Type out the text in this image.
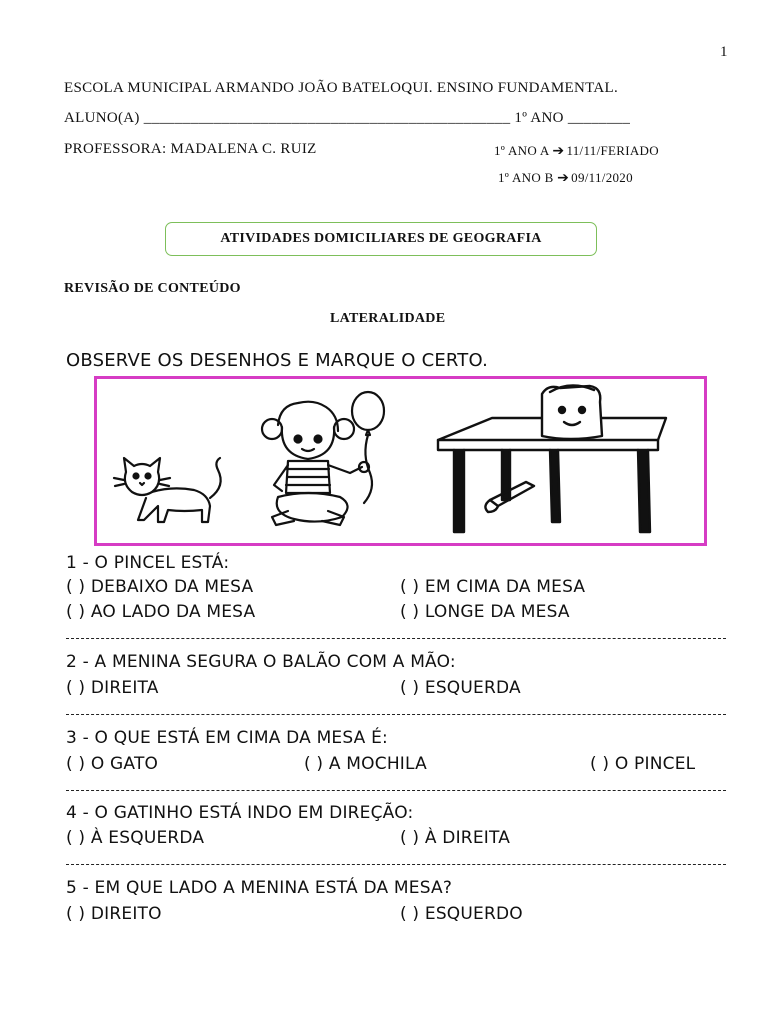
1
ESCOLA MUNICIPAL ARMANDO JOÃO BATELOQUI. ENSINO FUNDAMENTAL.
ALUNO(A) _______________________________________________ 1º ANO ________
PROFESSORA: MADALENA C. RUIZ	1º ANO A ➔ 11/11/FERIADO
1º ANO B ➔ 09/11/2020
ATIVIDADES DOMICILIARES DE GEOGRAFIA
REVISÃO DE CONTEÚDO
LATERALIDADE
OBSERVE OS DESENHOS E MARQUE O CERTO.
1 - O PINCEL ESTÁ:
( ) DEBAIXO DA MESA	( ) EM CIMA DA MESA
( ) AO LADO DA MESA	( ) LONGE DA MESA
2 - A MENINA SEGURA O BALÃO COM A MÃO:
( ) DIREITA	( ) ESQUERDA
3 - O QUE ESTÁ EM CIMA DA MESA É:
( ) O GATO	( ) A MOCHILA	( ) O PINCEL
4 - O GATINHO ESTÁ INDO EM DIREÇÃO:
( ) À ESQUERDA	( ) À DIREITA
5 - EM QUE LADO A MENINA ESTÁ DA MESA?
( ) DIREITO	( ) ESQUERDO
